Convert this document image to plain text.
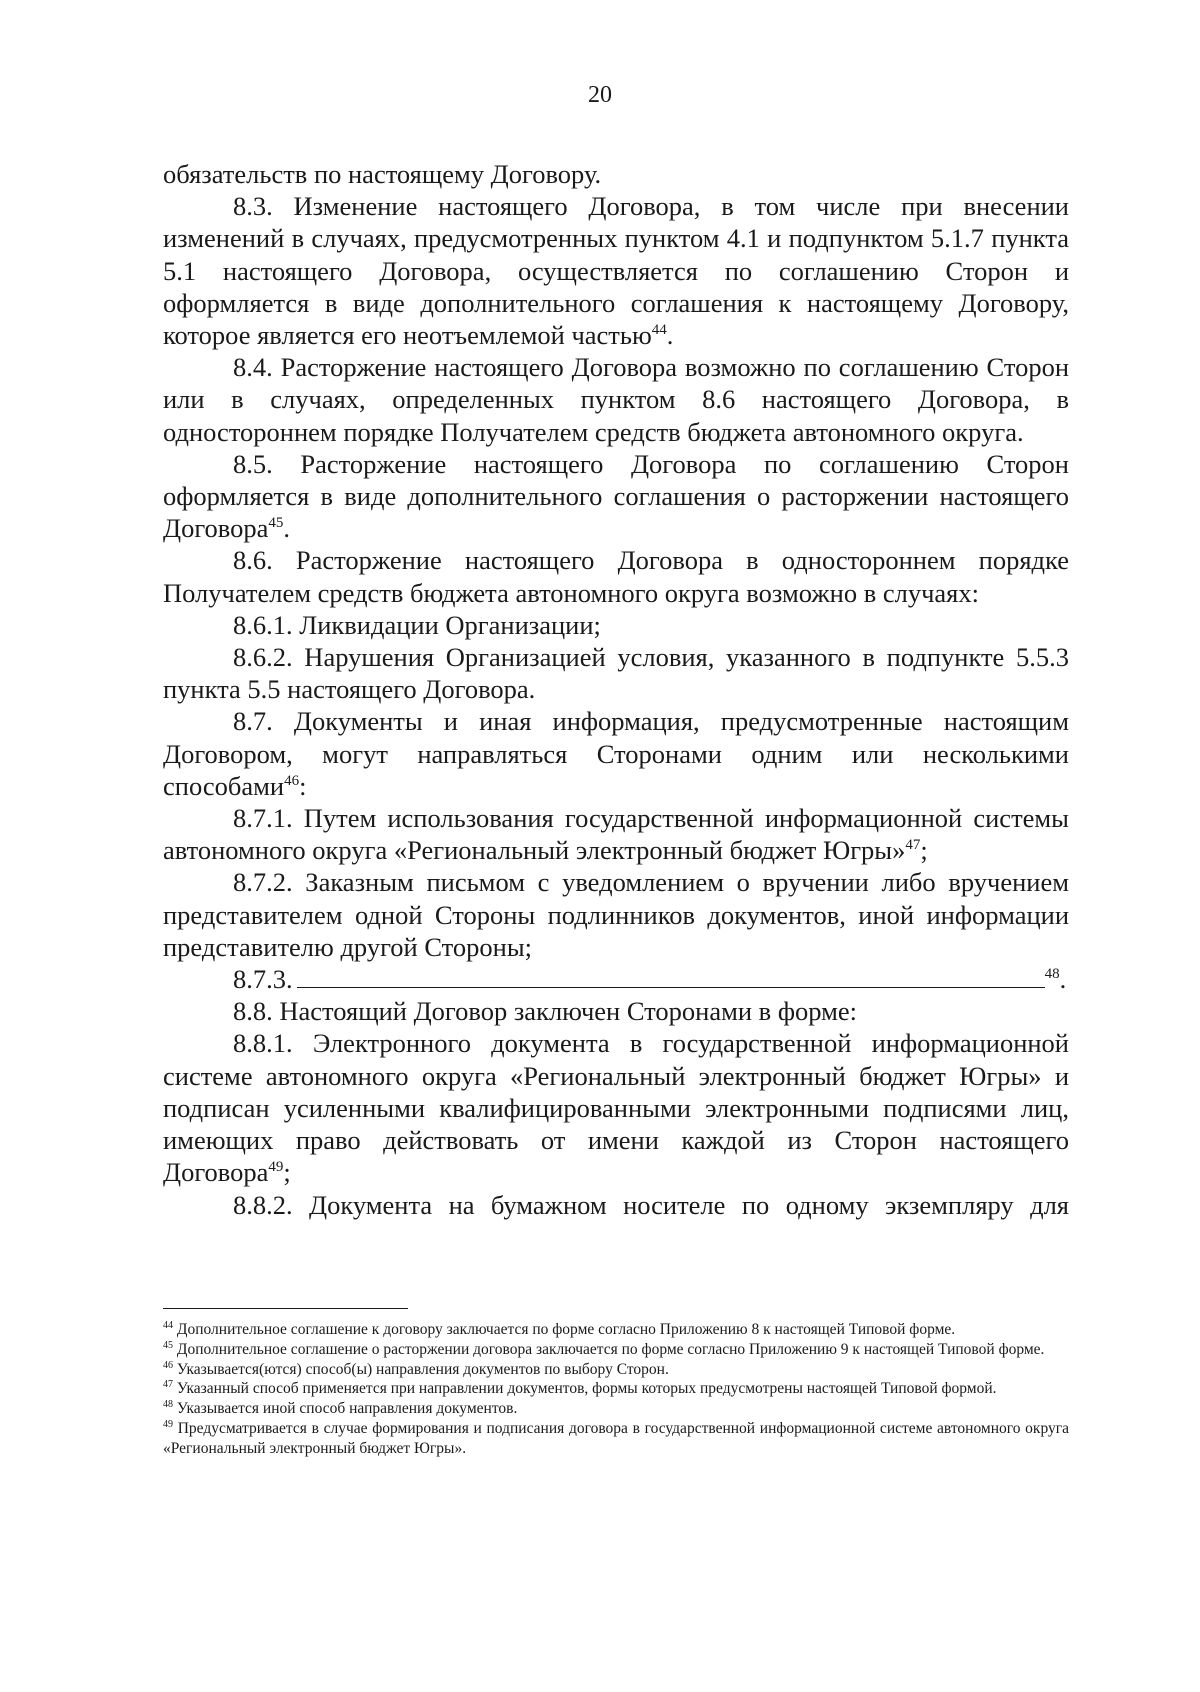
20

обязательств по настоящему Договору.

8.3. Изменение настоящего Договора, в том числе при внесении изменений в случаях, предусмотренных пунктом 4.1 и подпунктом 5.1.7 пункта 5.1 настоящего Договора, осуществляется по соглашению Сторон и оформляется в виде дополнительного соглашения к настоящему Договору, которое является его неотъемлемой частью$^{44}$.

8.4. Расторжение настоящего Договора возможно по соглашению Сторон или в случаях, определенных пунктом 8.6 настоящего Договора, в одностороннем порядке Получателем средств бюджета автономного округа.

8.5. Расторжение настоящего Договора по соглашению Сторон оформляется в виде дополнительного соглашения о расторжении настоящего Договора$^{45}$.

8.6. Расторжение настоящего Договора в одностороннем порядке Получателем средств бюджета автономного округа возможно в случаях:

8.6.1. Ликвидации Организации;

8.6.2. Нарушения Организацией условия, указанного в подпункте 5.5.3 пункта 5.5 настоящего Договора.

8.7. Документы и иная информация, предусмотренные настоящим Договором, могут направляться Сторонами одним или несколькими способами$^{46}$:

8.7.1. Путем использования государственной информационной системы автономного округа «Региональный электронный бюджет Югры»$^{47}$;

8.7.2. Заказным письмом с уведомлением о вручении либо вручением представителем одной Стороны подлинников документов, иной информации представителю другой Стороны;

8.7.3.	$^{48}$.

8.8. Настоящий Договор заключен Сторонами в форме:

8.8.1. Электронного документа в государственной информационной системе автономного округа «Региональный электронный бюджет Югры» и подписан усиленными квалифицированными электронными подписями лиц, имеющих право действовать от имени каждой из Сторон настоящего Договора$^{49}$;

8.8.2. Документа на бумажном носителе по одному экземпляру для

$^{44}$ Дополнительное соглашение к договору заключается по форме согласно Приложению 8 к настоящей Типовой форме.

$^{45}$ Дополнительное соглашение о расторжении договора заключается по форме согласно Приложению 9 к настоящей Типовой форме.

$^{46}$ Указывается(ются) способ(ы) направления документов по выбору Сторон.

$^{47}$ Указанный способ применяется при направлении документов, формы которых предусмотрены настоящей Типовой формой.

$^{48}$ Указывается иной способ направления документов.

$^{49}$ Предусматривается в случае формирования и подписания договора в государственной информационной системе автономного округа «Региональный электронный бюджет Югры».
